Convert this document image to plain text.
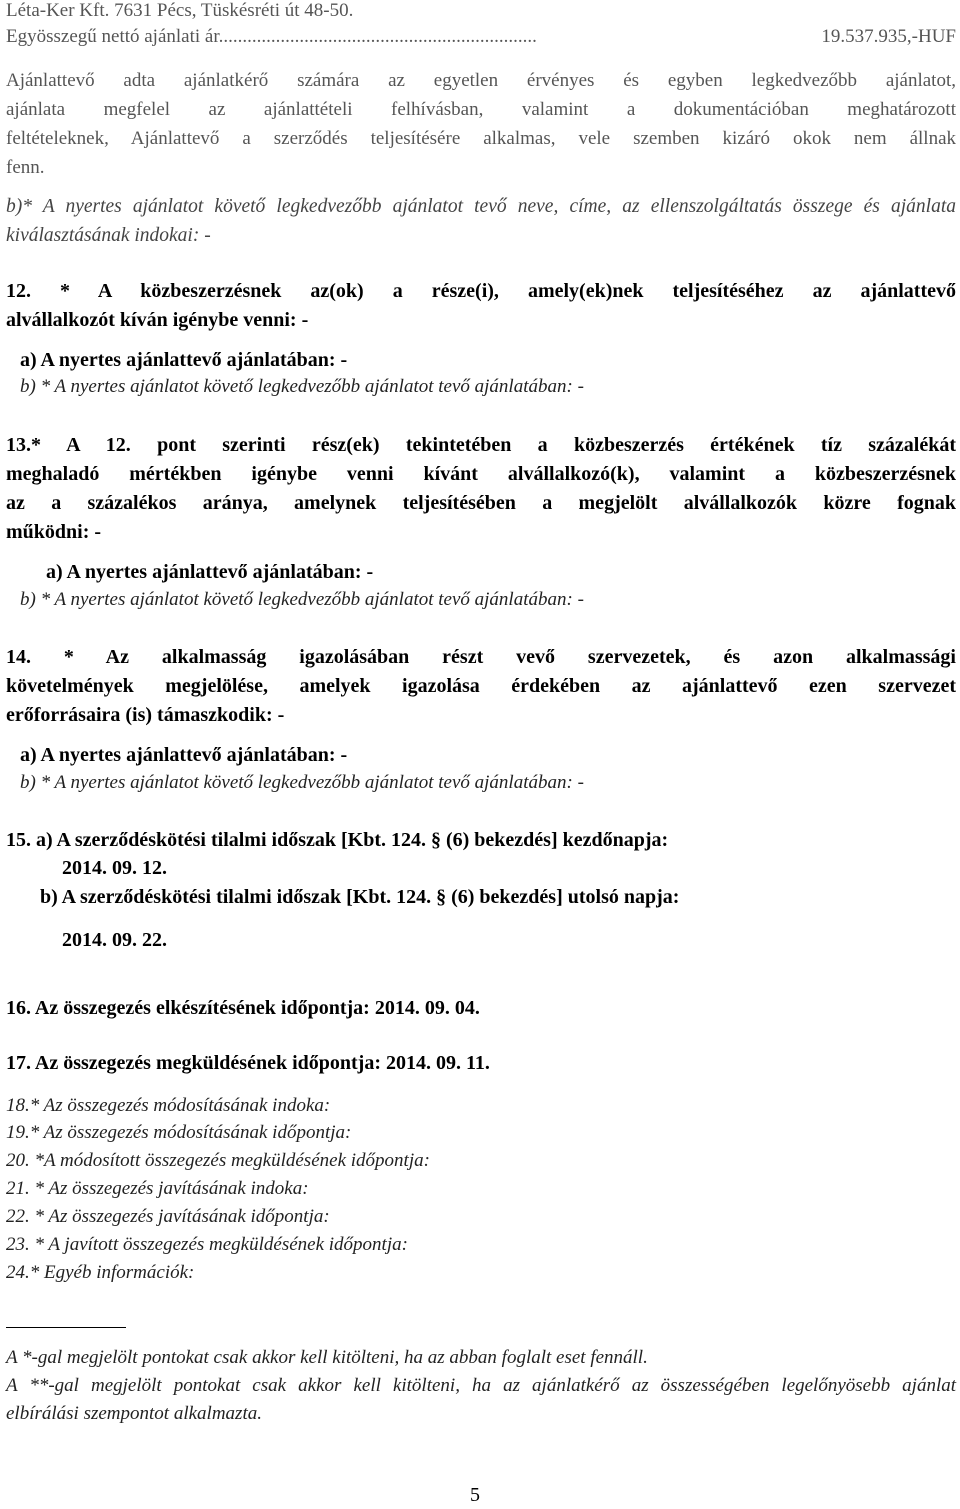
Léta-Ker Kft. 7631 Pécs, Tüskésréti út 48-50.
Egyösszegű nettó ajánlati ár...................................................................	19.537.935,-HUF
Ajánlattevő adta ajánlatkérő számára az egyetlen érvényes és egyben legkedvezőbb ajánlatot,
ajánlata megfelel az ajánlattételi felhívásban, valamint a dokumentációban meghatározott
feltételeknek, Ajánlattevő a szerződés teljesítésére alkalmas, vele szemben kizáró okok nem állnak
fenn.
b)* A nyertes ajánlatot követő legkedvezőbb ajánlatot tevő neve, címe, az ellenszolgáltatás összege és ajánlata
kiválasztásának indokai: -
12. * A közbeszerzésnek az(ok) a része(i), amely(ek)nek teljesítéséhez az ajánlattevő
alvállalkozót kíván igénybe venni: -
a) A nyertes ajánlattevő ajánlatában: -
b) * A nyertes ajánlatot követő legkedvezőbb ajánlatot tevő ajánlatában: -
13.* A 12. pont szerinti rész(ek) tekintetében a közbeszerzés értékének tíz százalékát
meghaladó mértékben igénybe venni kívánt alvállalkozó(k), valamint a közbeszerzésnek
az a százalékos aránya, amelynek teljesítésében a megjelölt alvállalkozók közre fognak
működni: -
a) A nyertes ajánlattevő ajánlatában: -
b) * A nyertes ajánlatot követő legkedvezőbb ajánlatot tevő ajánlatában: -
14. * Az alkalmasság igazolásában részt vevő szervezetek, és azon alkalmassági
követelmények megjelölése, amelyek igazolása érdekében az ajánlattevő ezen szervezet
erőforrásaira (is) támaszkodik: -
a) A nyertes ajánlattevő ajánlatában: -
b) * A nyertes ajánlatot követő legkedvezőbb ajánlatot tevő ajánlatában: -
15. a) A szerződéskötési tilalmi időszak [Kbt. 124. § (6) bekezdés] kezdőnapja:
2014. 09. 12.
b) A szerződéskötési tilalmi időszak [Kbt. 124. § (6) bekezdés] utolsó napja:
2014. 09. 22.
16. Az összegezés elkészítésének időpontja: 2014. 09. 04.
17. Az összegezés megküldésének időpontja: 2014. 09. 11.
18.* Az összegezés módosításának indoka:
19.* Az összegezés módosításának időpontja:
20. *A módosított összegezés megküldésének időpontja:
21. * Az összegezés javításának indoka:
22. * Az összegezés javításának időpontja:
23. * A javított összegezés megküldésének időpontja:
24.* Egyéb információk:
A *-gal megjelölt pontokat csak akkor kell kitölteni, ha az abban foglalt eset fennáll.
A **-gal megjelölt pontokat csak akkor kell kitölteni, ha az ajánlatkérő az összességében legelőnyösebb ajánlat
elbírálási szempontot alkalmazta.
5
